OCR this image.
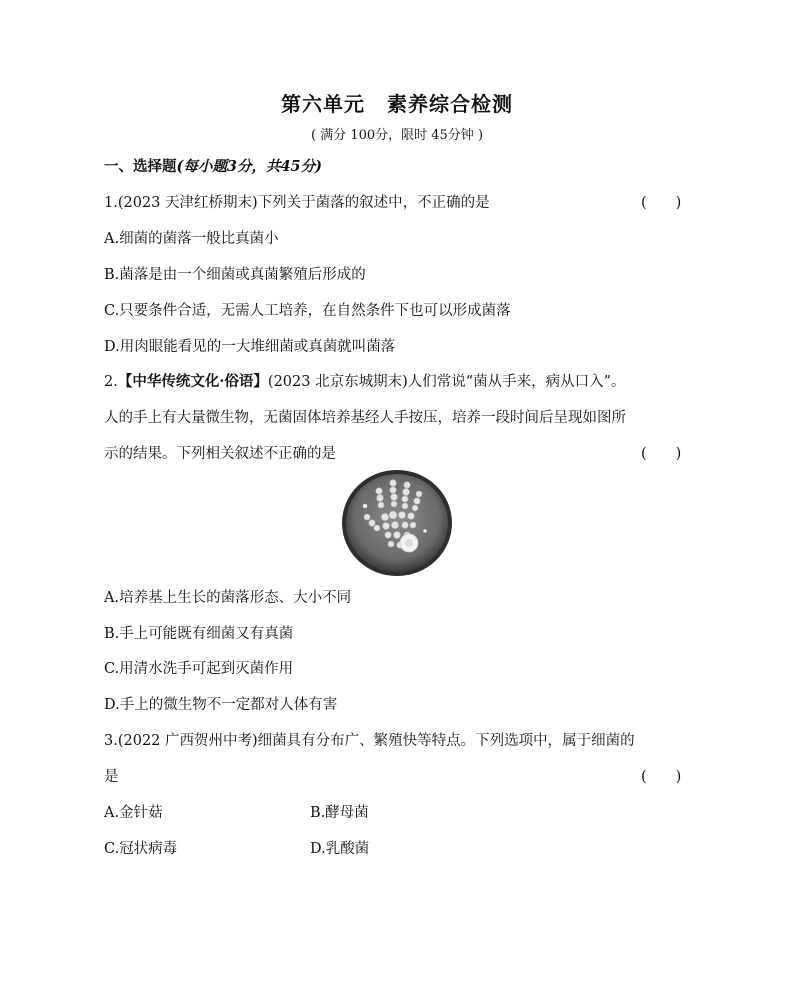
第六单元 素养综合检测
( 满分 100分，限时 45分钟 )
一、选择题(每小题3分，共45分)
1.(2023 天津红桥期末)下列关于菌落的叙述中，不正确的是	(　　)
A.细菌的菌落一般比真菌小
B.菌落是由一个细菌或真菌繁殖后形成的
C.只要条件合适，无需人工培养，在自然条件下也可以形成菌落
D.用肉眼能看见的一大堆细菌或真菌就叫菌落
2.【中华传统文化·俗语】(2023 北京东城期末)人们常说“菌从手来，病从口入”。
人的手上有大量微生物，无菌固体培养基经人手按压，培养一段时间后呈现如图所
示的结果。下列相关叙述不正确的是	(　　)
A.培养基上生长的菌落形态、大小不同
B.手上可能既有细菌又有真菌
C.用清水洗手可起到灭菌作用
D.手上的微生物不一定都对人体有害
3.(2022 广西贺州中考)细菌具有分布广、繁殖快等特点。下列选项中，属于细菌的
是	(　　)
A.金针菇	B.酵母菌
C.冠状病毒	D.乳酸菌
